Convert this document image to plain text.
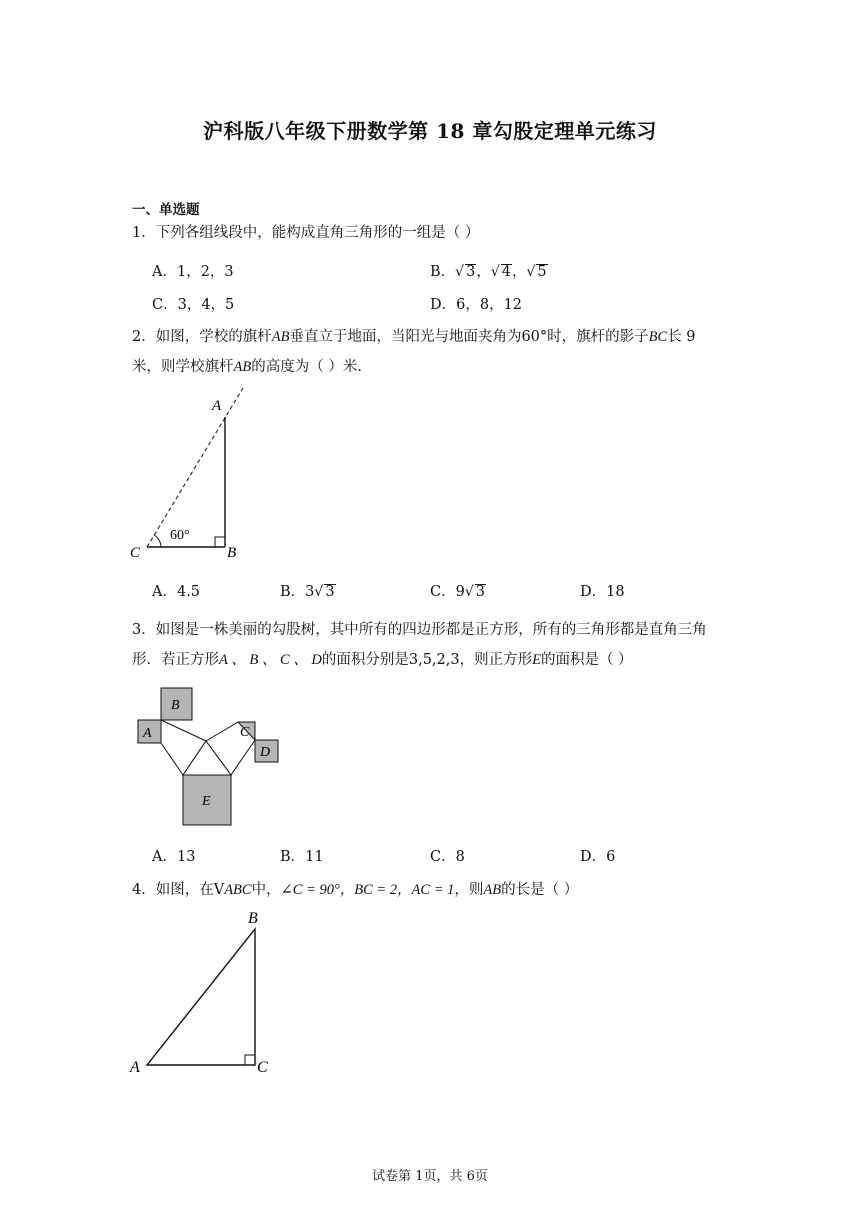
沪科版八年级下册数学第 18 章勾股定理单元练习
一、单选题
1．下列各组线段中，能构成直角三角形的一组是（ ）
A．1，2，3	B．√ 3，√ 4，√ 5
C．3，4，5	D．6，8，12
2．如图，学校的旗杆AB垂直立于地面，当阳光与地面夹角为60°时，旗杆的影子BC长 9
米，则学校旗杆AB的高度为（ ）米．
A
B
C
60°
A．4.5	B．3√ 3	C．9√ 3	D．18
3．如图是一株美丽的勾股树，其中所有的四边形都是正方形，所有的三角形都是直角三角
形．若正方形A 、 B 、 C 、 D的面积分别是3,5,2,3，则正方形E的面积是（ ）
B
A	C
D
E
A．13	B．11	C．8	D．6
4．如图，在VABC中，∠C = 90°，BC = 2，AC = 1，则AB的长是（ ）
B
A	C
试卷第 1页，共 6页
